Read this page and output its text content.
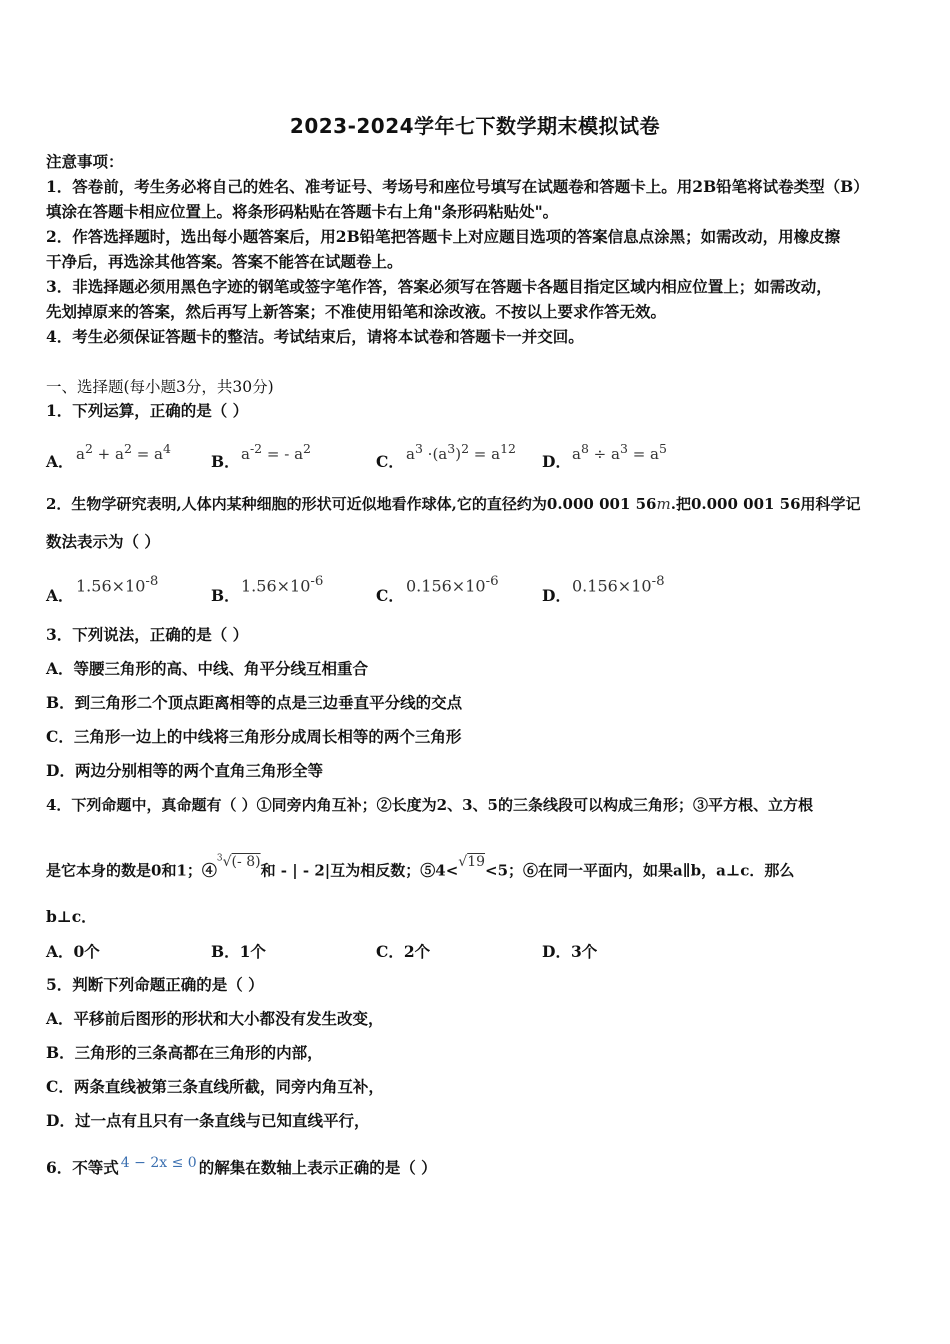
2023-2024学年七下数学期末模拟试卷
注意事项：
1．答卷前，考生务必将自己的姓名、准考证号、考场号和座位号填写在试题卷和答题卡上。用2B铅笔将试卷类型（B）
填涂在答题卡相应位置上。将条形码粘贴在答题卡右上角"条形码粘贴处"。
2．作答选择题时，选出每小题答案后，用2B铅笔把答题卡上对应题目选项的答案信息点涂黑；如需改动，用橡皮擦
干净后，再选涂其他答案。答案不能答在试题卷上。
3．非选择题必须用黑色字迹的钢笔或签字笔作答，答案必须写在答题卡各题目指定区域内相应位置上；如需改动，
先划掉原来的答案，然后再写上新答案；不准使用铅笔和涂改液。不按以上要求作答无效。
4．考生必须保证答题卡的整洁。考试结束后，请将本试卷和答题卡一并交回。
一、选择题(每小题3分，共30分)
1．下列运算，正确的是（ ）
A． $a^2 + a^2 = a^4$
B．$a^{-2}$ = - $a^2$
C． $a^3 \cdot(a^3)^2 = a^{12}$
D．$a^8 \div a^3 = a^5$
2．生物学研究表明,人体内某种细胞的形状可近似地看作球体,它的直径约为0.000 001 56m.把0.000 001 56用科学记
数法表示为（ ）
A．$1.56\times 10^{-8}$
B．$1.56\times 10^{-6}$
C．$0.156\times 10^{-6}$
D．$0.156\times 10^{-8}$
3．下列说法，正确的是（ ）
A．等腰三角形的高、中线、角平分线互相重合
B．到三角形二个顶点距离相等的点是三边垂直平分线的交点
C．三角形一边上的中线将三角形分成周长相等的两个三角形
D．两边分别相等的两个直角三角形全等
4．下列命题中，真命题有（ ）①同旁内角互补；②长度为2、3、5的三条线段可以构成三角形；③平方根、立方根
是它本身的数是0和1；④$^3$√(- 8)和 - | - 2|互为相反数；⑤4<√19<5；⑥在同一平面内，如果a∥b，a⊥c．那么
b⊥c．
A．0个	B．1个	C．2个	D．3个
5．判断下列命题正确的是（ ）
A．平移前后图形的形状和大小都没有发生改变，
B．三角形的三条高都在三角形的内部，
C．两条直线被第三条直线所截，同旁内角互补，
D．过一点有且只有一条直线与已知直线平行，
6．不等式 4 − 2x ≤ 0 的解集在数轴上表示正确的是（ ）
